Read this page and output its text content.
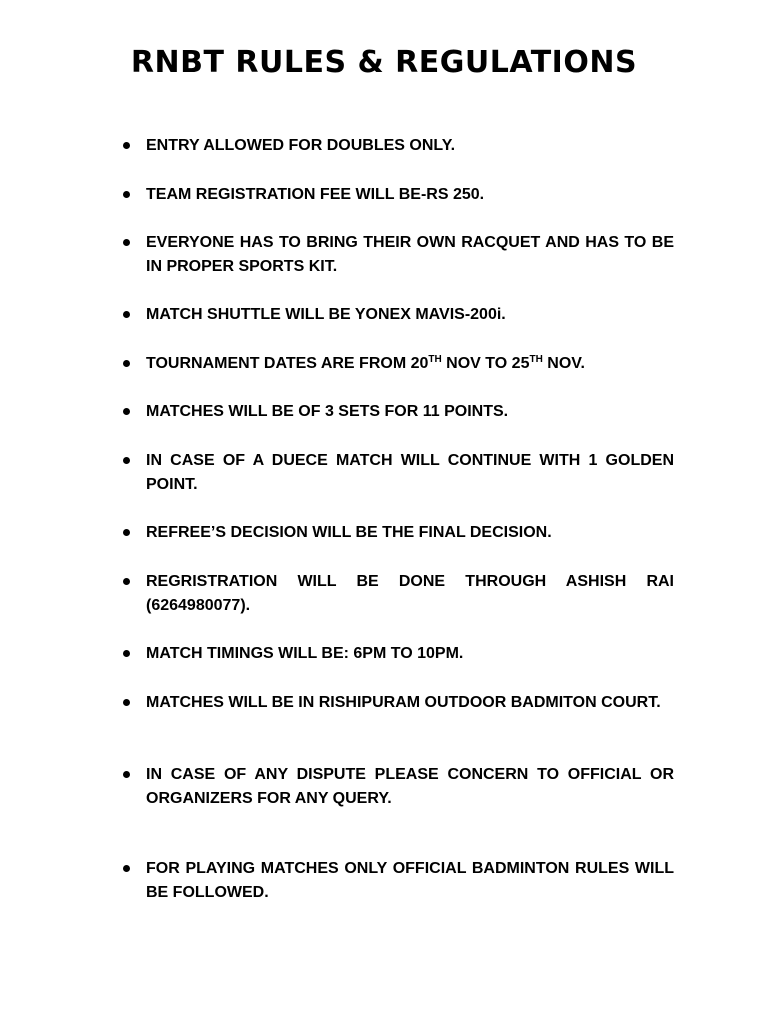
RNBT RULES & REGULATIONS
ENTRY ALLOWED FOR DOUBLES ONLY.
TEAM REGISTRATION FEE WILL BE-RS 250.
EVERYONE HAS TO BRING THEIR OWN RACQUET AND HAS TO BE IN PROPER SPORTS KIT.
MATCH SHUTTLE WILL BE YONEX MAVIS-200i.
TOURNAMENT DATES ARE FROM 20TH NOV TO 25TH NOV.
MATCHES WILL BE OF 3 SETS FOR 11 POINTS.
IN CASE OF A DUECE MATCH WILL CONTINUE WITH 1 GOLDEN POINT.
REFREE’S DECISION WILL BE THE FINAL DECISION.
REGRISTRATION WILL BE DONE THROUGH ASHISH RAI (6264980077).
MATCH TIMINGS WILL BE: 6PM TO 10PM.
MATCHES WILL BE IN RISHIPURAM OUTDOOR BADMITON COURT.
IN CASE OF ANY DISPUTE PLEASE CONCERN TO OFFICIAL OR ORGANIZERS FOR ANY QUERY.
FOR PLAYING MATCHES ONLY OFFICIAL BADMINTON RULES WILL BE FOLLOWED.
